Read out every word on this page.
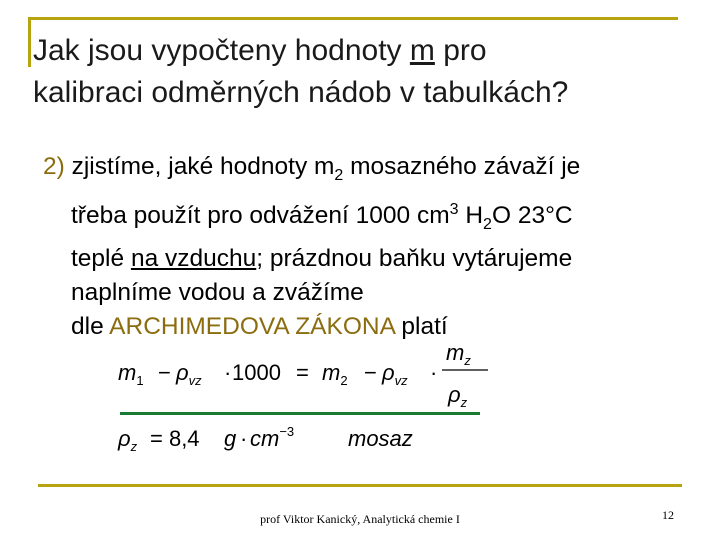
Jak jsou vypočteny hodnoty m pro
kalibraci odměrných nádob v tabulkách?
2) zjistíme, jaké hodnoty $m_2$ mosazného závaží je
třeba použít pro odvážení 1000 $cm^3$ $H_2O$ 23°C
teplé na vzduchu; prázdnou baňku vytárujeme
naplníme vodou a zvážíme
dle ARCHIMEDOVA ZÁKONA platí
$m_1 - \rho_{vz} \cdot 1000 = m_2 - \rho_{vz}$ ·
$m_z$
$\rho_z$
$\rho_z = 8,4$ $g \cdot cm^{-3}$ mosaz
prof Viktor Kanický, Analytická chemie I	12
